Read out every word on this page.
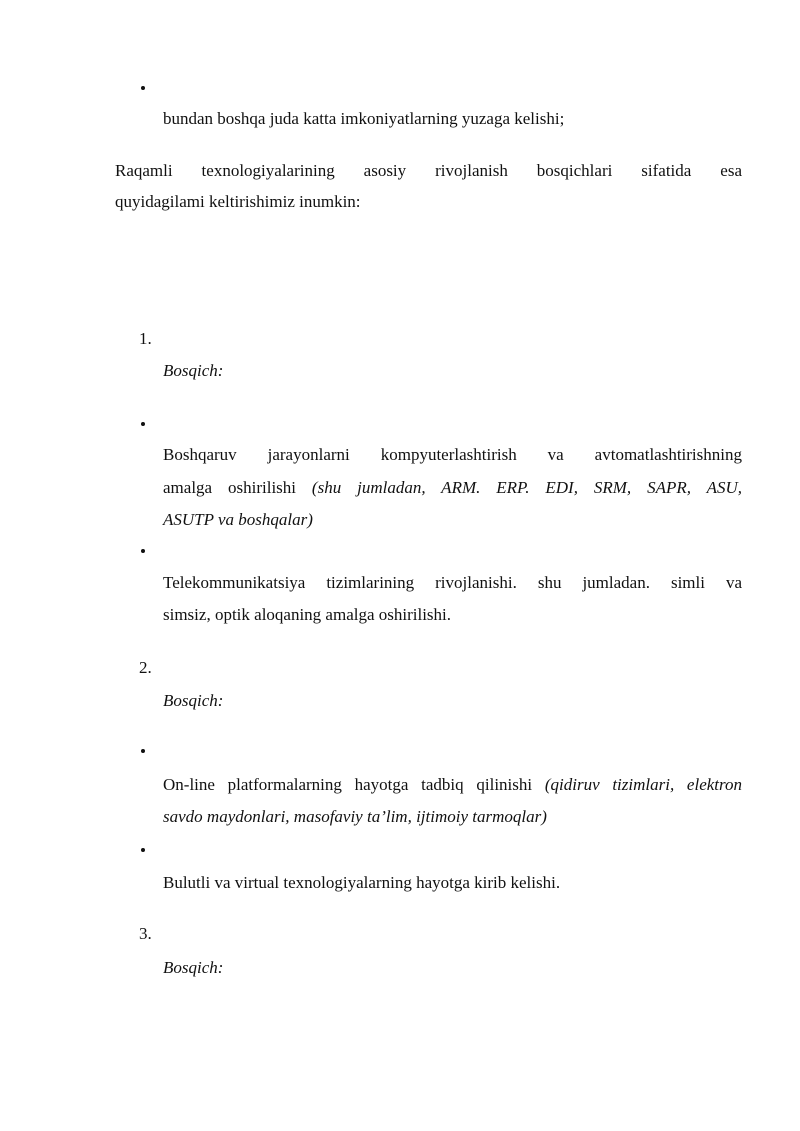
bundan boshqa juda katta imkoniyatlarning yuzaga kelishi;
Raqamli texnologiyalarining asosiy rivojlanish bosqichlari sifatida esa
quyidagilami keltirishimiz inumkin:
1.
Bosqich:
Boshqaruv jarayonlarni kompyuterlashtirish va avtomatlashtirishning
amalga oshirilishi (shu jumladan, ARM. ERP. EDI, SRM, SAPR, ASU,
ASUTP va boshqalar)
Telekommunikatsiya tizimlarining rivojlanishi. shu jumladan. simli va
simsiz, optik aloqaning amalga oshirilishi.
2.
Bosqich:
On-line platformalarning hayotga tadbiq qilinishi (qidiruv tizimlari, elektron
savdo maydonlari, masofaviy ta’lim, ijtimoiy tarmoqlar)
Bulutli va virtual texnologiyalarning hayotga kirib kelishi.
3.
Bosqich:
